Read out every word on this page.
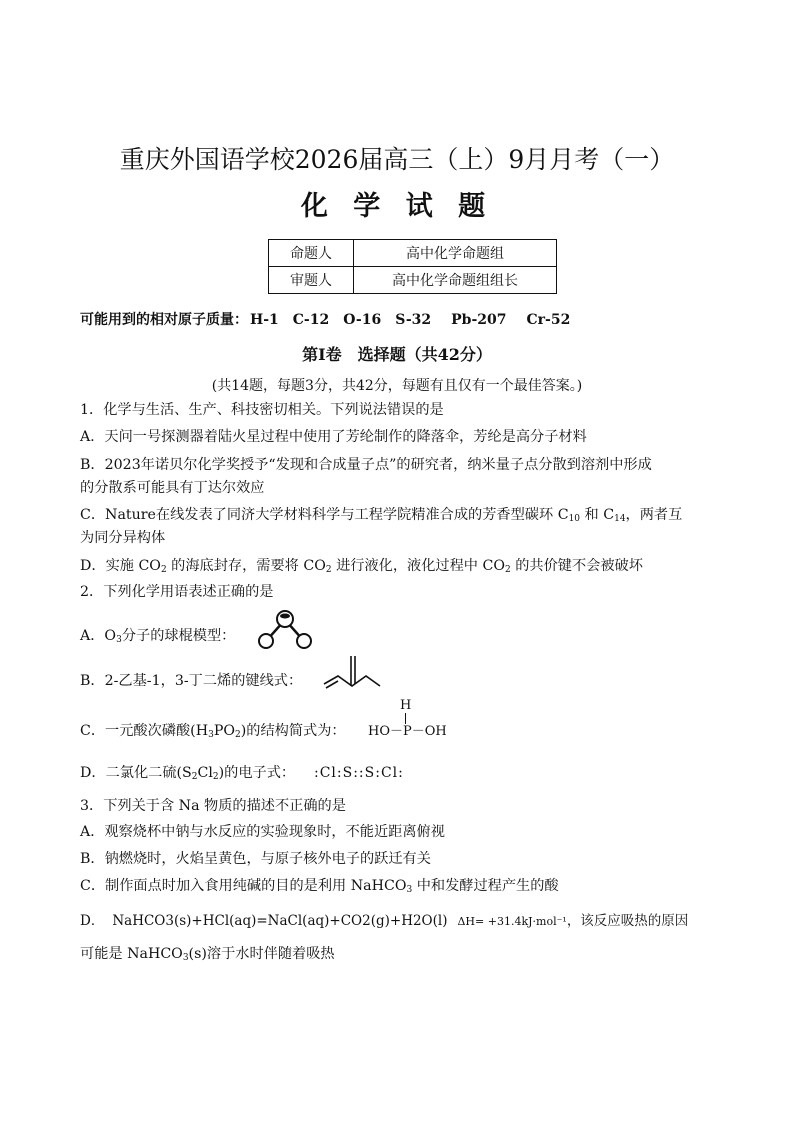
重庆外国语学校2026届高三（上）9月月考（一）
化 学 试 题
命题人	高中化学命题组
审题人	高中化学命题组组长
可能用到的相对原子质量： H-1 C-12 O-16 S-32 Pb-207 Cr-52
第I卷　选择题（共42分）
(共14题，每题3分，共42分，每题有且仅有一个最佳答案。)
1．化学与生活、生产、科技密切相关。下列说法错误的是
A．天问一号探测器着陆火星过程中使用了芳纶制作的降落伞，芳纶是高分子材料
B．2023年诺贝尔化学奖授予“发现和合成量子点”的研究者，纳米量子点分散到溶剂中形成
的分散系可能具有丁达尔效应
C．Nature在线发表了同济大学材料科学与工程学院精准合成的芳香型碳环 $C_{10}$ 和 $C_{14}$，两者互
为同分异构体
D．实施 $CO_2$ 的海底封存，需要将 $CO_2$ 进行液化，液化过程中 $CO_2$ 的共价键不会被破坏
2．下列化学用语表述正确的是
A．$O_3$分子的球棍模型：
B．2-乙基-1，3-丁二烯的键线式：
C．一元酸次磷酸$(H_3PO_2)$的结构简式为：
H
HO－P－OH
D．二氯化二硫$(S_2Cl_2)$的电子式： :Cl:S::S:Cl:
3．下列关于含 Na 物质的描述不正确的是
A．观察烧杯中钠与水反应的实验现象时，不能近距离俯视
B．钠燃烧时，火焰呈黄色，与原子核外电子的跃迁有关
C．制作面点时加入食用纯碱的目的是利用 NaHCO$_3$ 中和发酵过程产生的酸
D． NaHCO3(s)+HCl(aq)=NaCl(aq)+CO2(g)+H2O(l) ΔH= +31.4kJ·mol⁻¹，该反应吸热的原因
可能是 NaHCO$_3$(s)溶于水时伴随着吸热
